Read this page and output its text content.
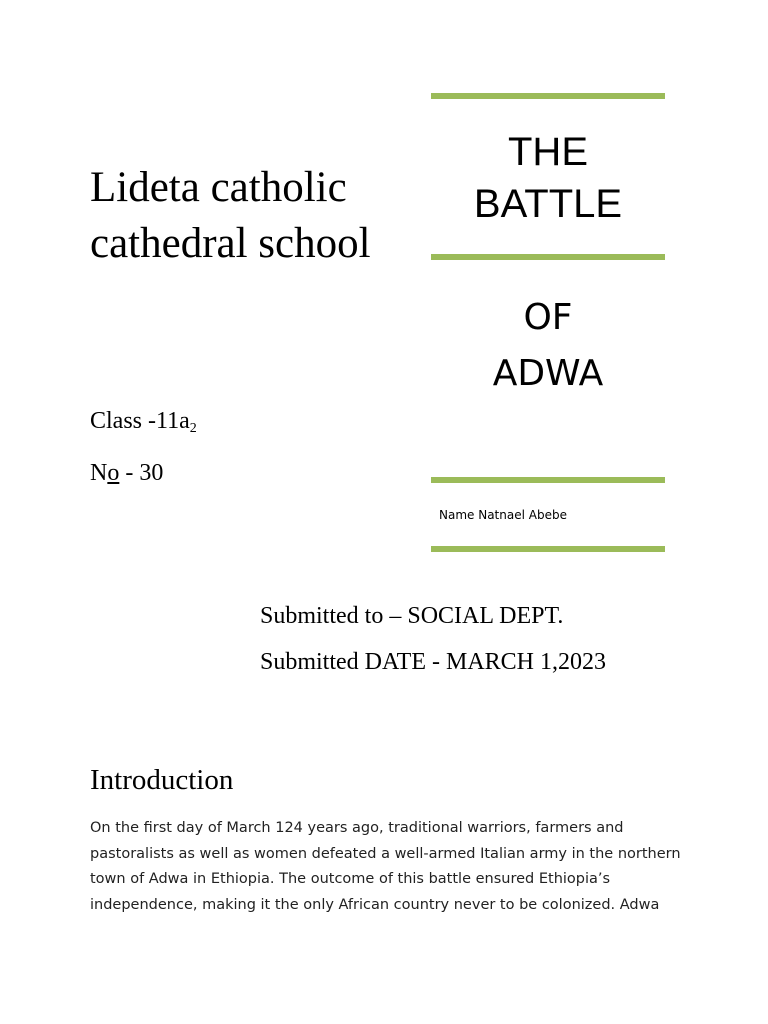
Lideta catholic
cathedral school
THE
BATTLE
OF
ADWA
Class $-11a_2$
No - 30
Name Natnael Abebe
Submitted to – SOCIAL DEPT.
Submitted DATE - MARCH 1,2023
Introduction
On the first day of March 124 years ago, traditional warriors, farmers and
pastoralists as well as women defeated a well-armed Italian army in the northern
town of Adwa in Ethiopia. The outcome of this battle ensured Ethiopia’s
independence, making it the only African country never to be colonized. Adwa
